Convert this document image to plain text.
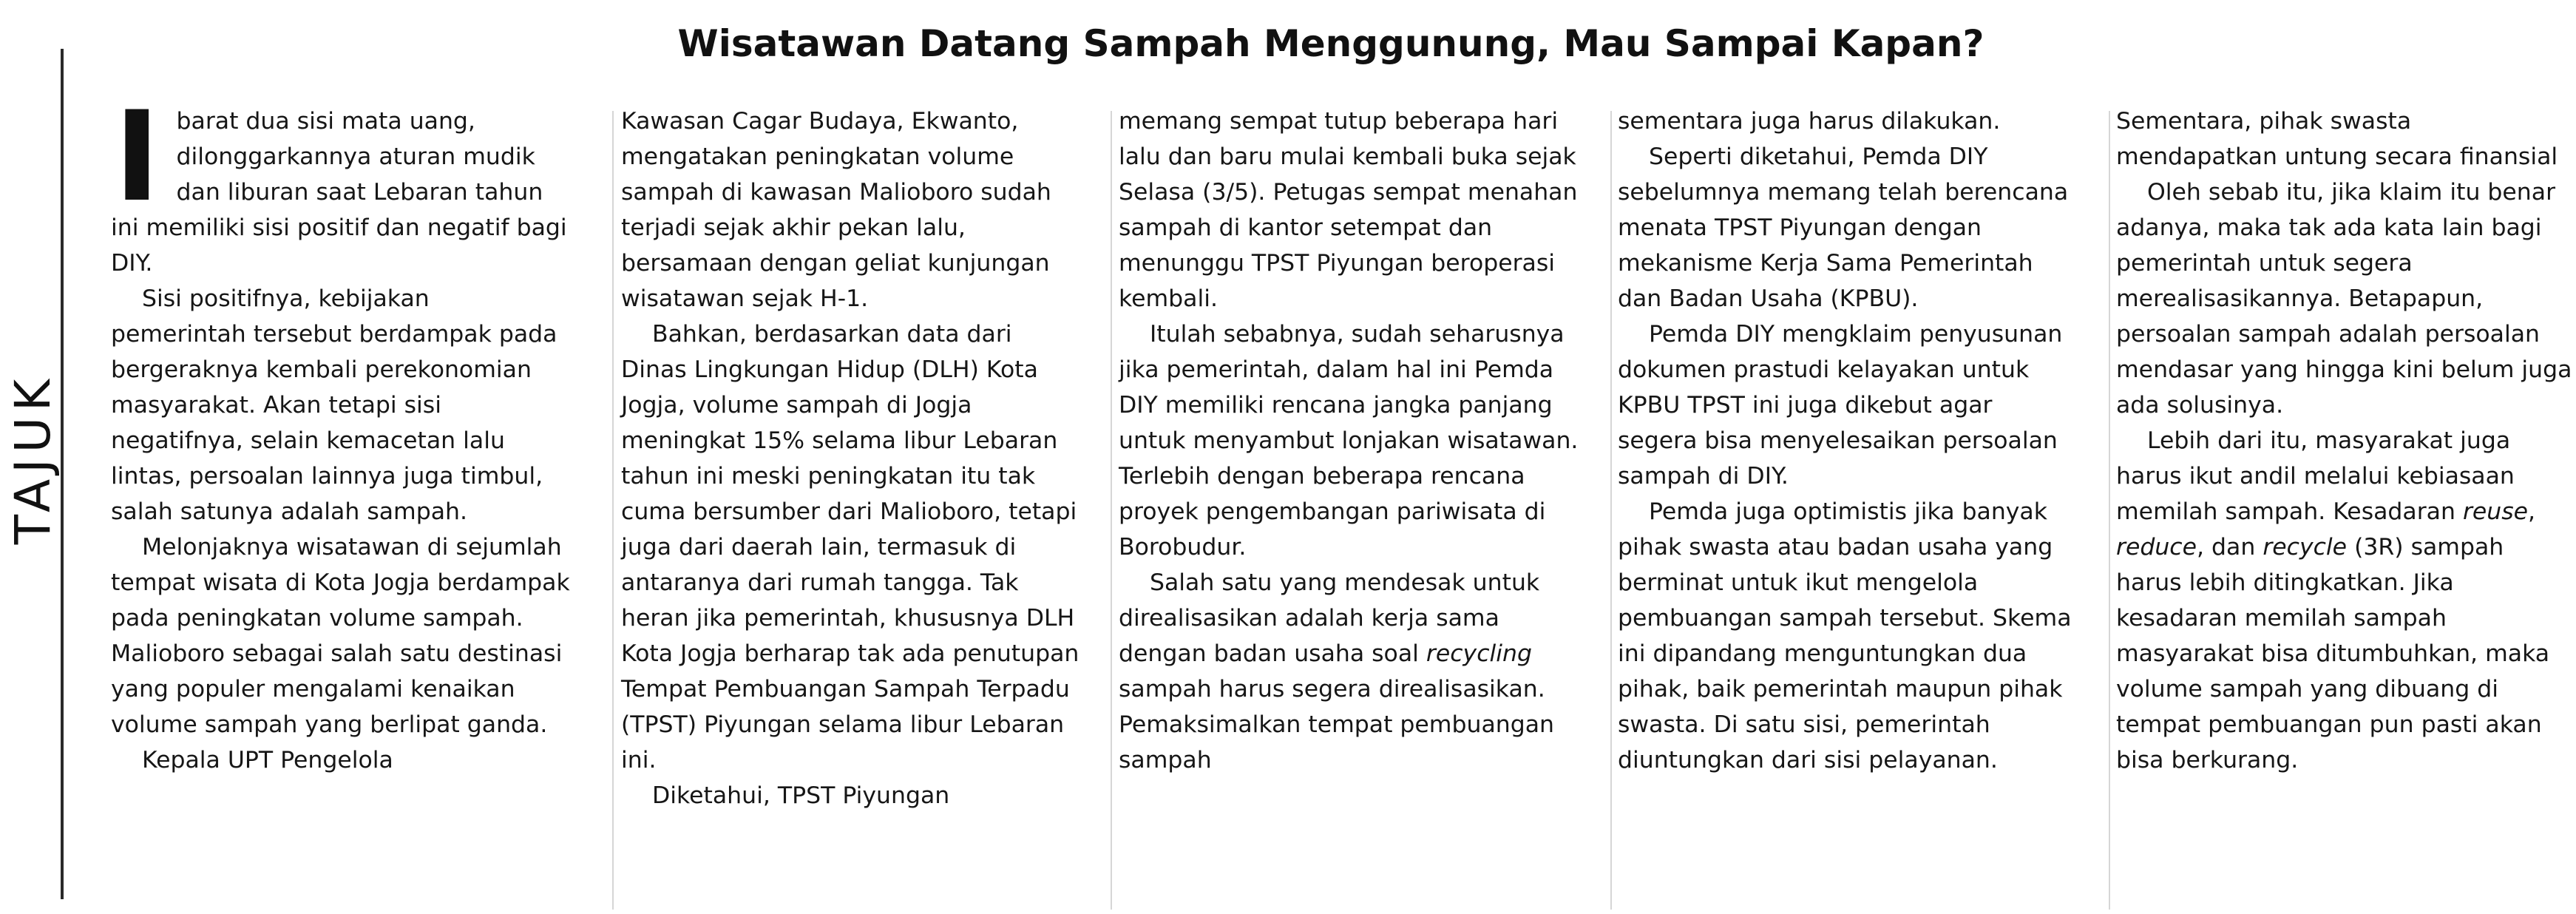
TAJUK
Wisatawan Datang Sampah Menggunung, Mau Sampai Kapan?

Ibarat dua sisi mata uang, dilonggarkannya aturan mudik dan liburan saat Lebaran tahun ini memiliki sisi positif dan negatif bagi DIY.

Sisi positifnya, kebijakan pemerintah tersebut berdampak pada bergeraknya kembali perekonomian masyarakat. Akan tetapi sisi negatifnya, selain kemacetan lalu lintas, persoalan lainnya juga timbul, salah satunya adalah sampah.

Melonjaknya wisatawan di sejumlah tempat wisata di Kota Jogja berdampak pada peningkatan volume sampah. Malioboro sebagai salah satu destinasi yang populer mengalami kenaikan volume sampah yang berlipat ganda.

Kepala UPT Pengelola

Kawasan Cagar Budaya, Ekwanto, mengatakan peningkatan volume sampah di kawasan Malioboro sudah terjadi sejak akhir pekan lalu, bersamaan dengan geliat kunjungan wisatawan sejak H-1.

Bahkan, berdasarkan data dari Dinas Lingkungan Hidup (DLH) Kota Jogja, volume sampah di Jogja meningkat 15% selama libur Lebaran tahun ini meski peningkatan itu tak cuma bersumber dari Malioboro, tetapi juga dari daerah lain, termasuk di antaranya dari rumah tangga. Tak heran jika pemerintah, khususnya DLH Kota Jogja berharap tak ada penutupan Tempat Pembuangan Sampah Terpadu (TPST) Piyungan selama libur Lebaran ini.

Diketahui, TPST Piyungan

memang sempat tutup beberapa hari lalu dan baru mulai kembali buka sejak Selasa (3/5). Petugas sempat menahan sampah di kantor setempat dan menunggu TPST Piyungan beroperasi kembali.

Itulah sebabnya, sudah seharusnya jika pemerintah, dalam hal ini Pemda DIY memiliki rencana jangka panjang untuk menyambut lonjakan wisatawan. Terlebih dengan beberapa rencana proyek pengembangan pariwisata di Borobudur.

Salah satu yang mendesak untuk direalisasikan adalah kerja sama dengan badan usaha soal recycling sampah harus segera direalisasikan. Pemaksimalkan tempat pembuangan sampah

sementara juga harus dilakukan.

Seperti diketahui, Pemda DIY sebelumnya memang telah berencana menata TPST Piyungan dengan mekanisme Kerja Sama Pemerintah dan Badan Usaha (KPBU).

Pemda DIY mengklaim penyusunan dokumen prastudi kelayakan untuk KPBU TPST ini juga dikebut agar segera bisa menyelesaikan persoalan sampah di DIY.

Pemda juga optimistis jika banyak pihak swasta atau badan usaha yang berminat untuk ikut mengelola pembuangan sampah tersebut. Skema ini dipandang menguntungkan dua pihak, baik pemerintah maupun pihak swasta. Di satu sisi, pemerintah diuntungkan dari sisi pelayanan.

Sementara, pihak swasta mendapatkan untung secara finansial

Oleh sebab itu, jika klaim itu benar adanya, maka tak ada kata lain bagi pemerintah untuk segera merealisasikannya. Betapapun, persoalan sampah adalah persoalan mendasar yang hingga kini belum juga ada solusinya.

Lebih dari itu, masyarakat juga harus ikut andil melalui kebiasaan memilah sampah. Kesadaran reuse, reduce, dan recycle (3R) sampah harus lebih ditingkatkan. Jika kesadaran memilah sampah masyarakat bisa ditumbuhkan, maka volume sampah yang dibuang di tempat pembuangan pun pasti akan bisa berkurang.
